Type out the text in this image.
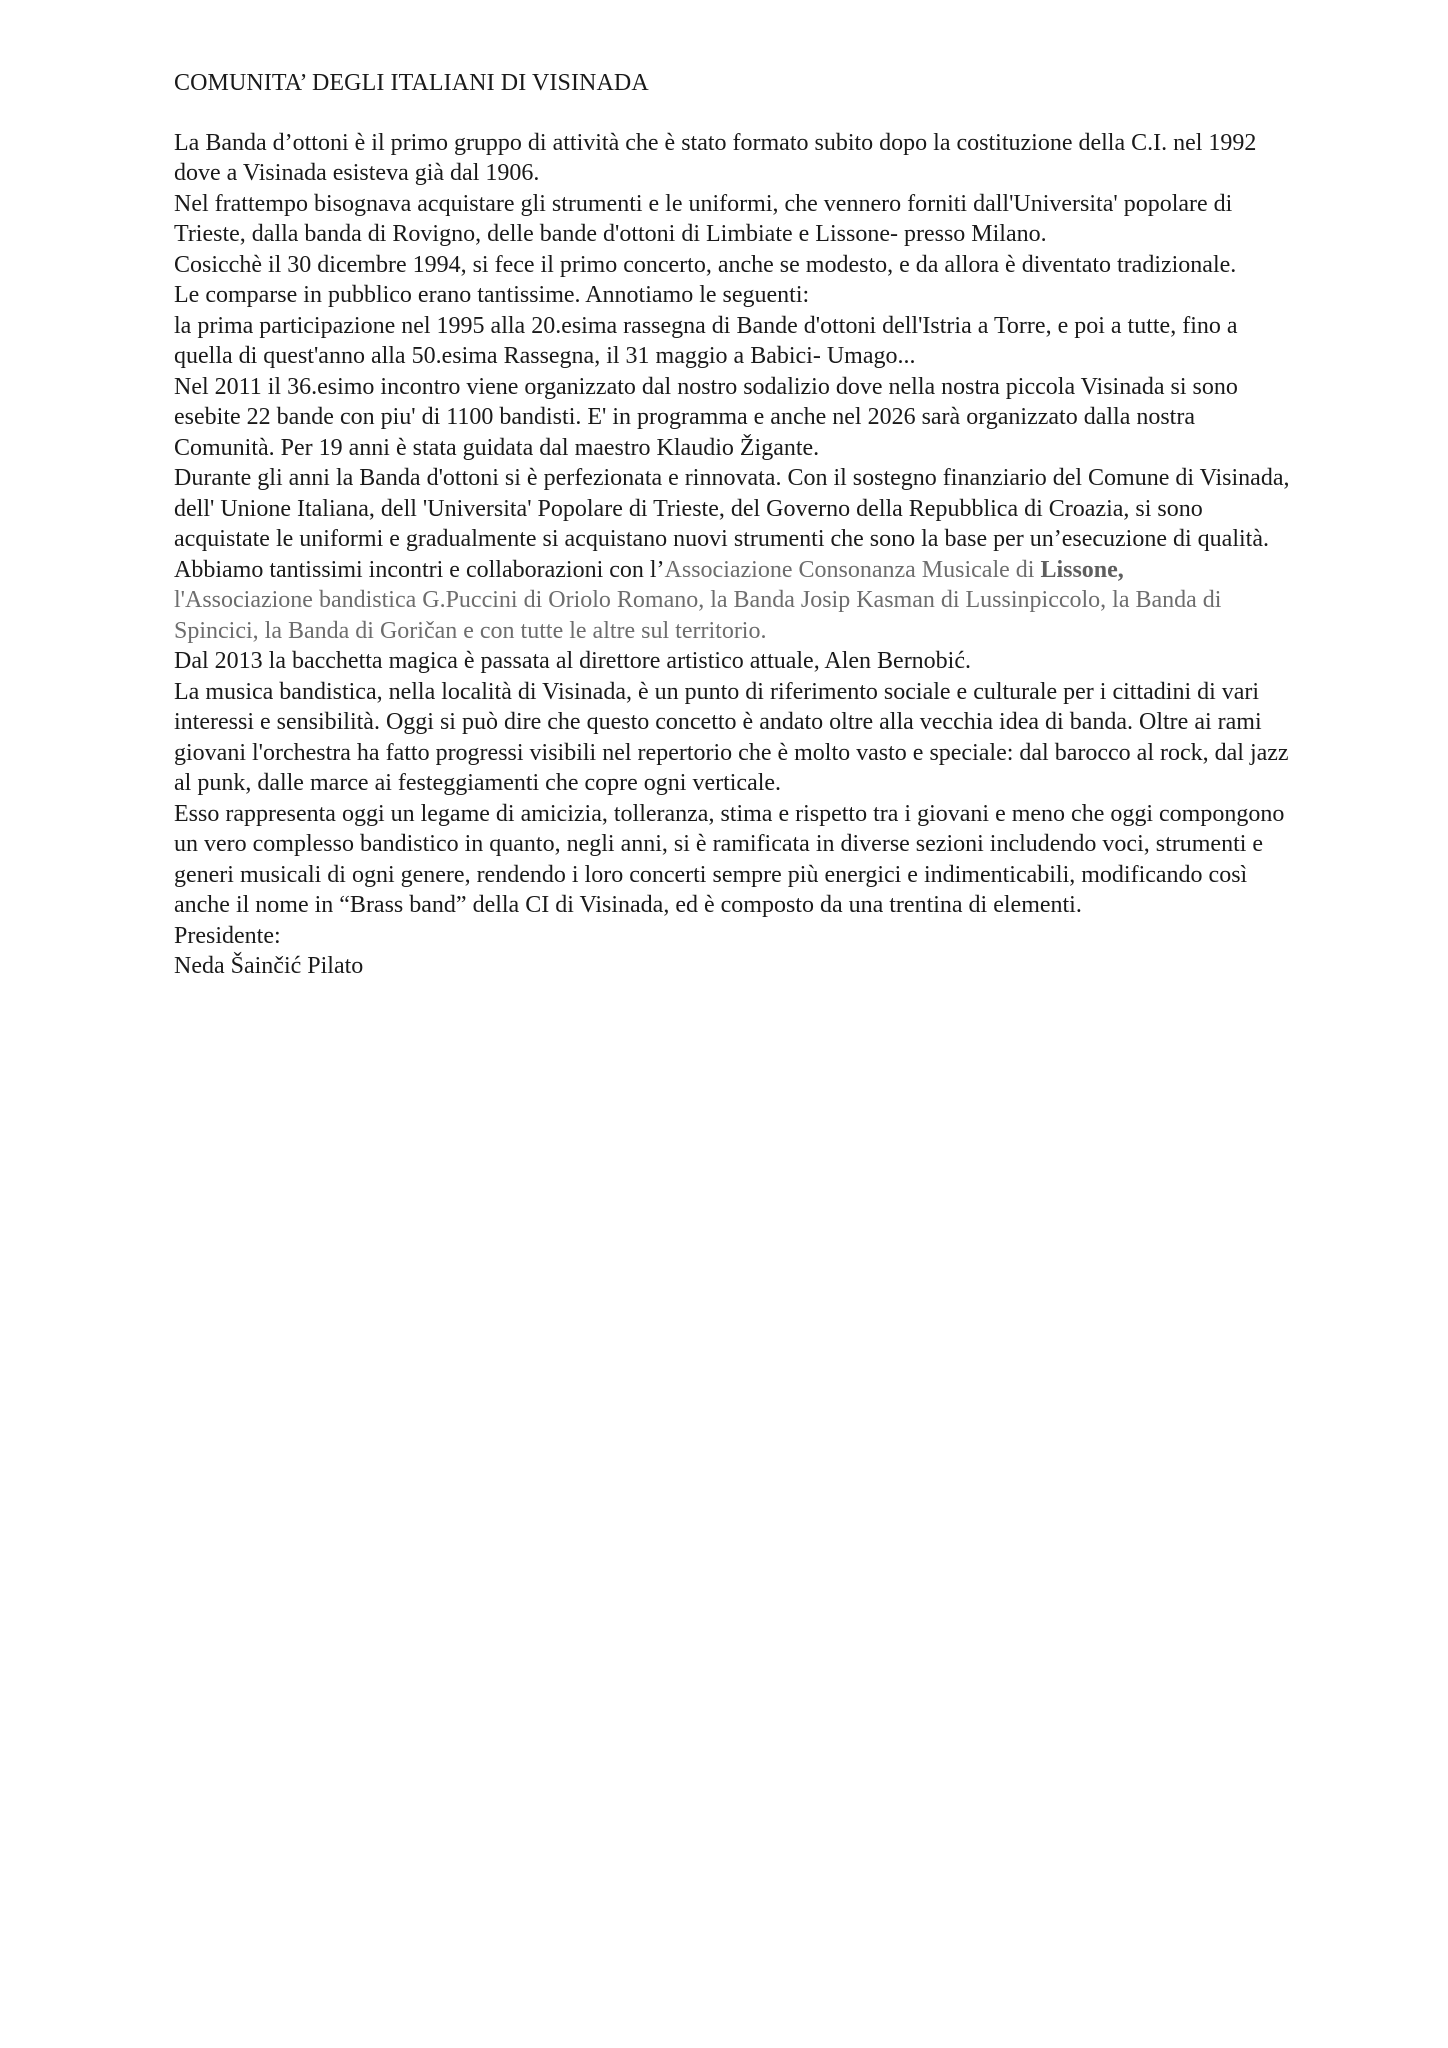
COMUNITA’ DEGLI ITALIANI DI VISINADA

La Banda d’ottoni è il primo gruppo di attività che è stato formato subito dopo la costituzione della C.I. nel 1992 dove a Visinada esisteva già dal 1906.

Nel frattempo bisognava acquistare gli strumenti e le uniformi, che vennero forniti dall'Universita' popolare di Trieste, dalla banda di Rovigno, delle bande d'ottoni di Limbiate e Lissone- presso Milano.

Cosicchè il 30 dicembre 1994, si fece il primo concerto, anche se modesto, e da allora è diventato tradizionale.

Le comparse in pubblico erano tantissime. Annotiamo le seguenti:

la prima participazione nel 1995 alla 20.esima rassegna di Bande d'ottoni dell'Istria a Torre, e poi a tutte, fino a quella di quest'anno alla 50.esima Rassegna, il 31 maggio a Babici- Umago...

Nel 2011 il 36.esimo incontro viene organizzato dal nostro sodalizio dove nella nostra piccola Visinada si sono esebite 22 bande con piu' di 1100 bandisti. E' in programma e anche nel 2026 sarà organizzato dalla nostra Comunità. Per 19 anni è stata guidata dal maestro Klaudio Žigante.

Durante gli anni la Banda d'ottoni si è perfezionata e rinnovata. Con il sostegno finanziario del Comune di Visinada, dell' Unione Italiana, dell 'Universita' Popolare di Trieste, del Governo della Repubblica di Croazia, si sono acquistate le uniformi e gradualmente si acquistano nuovi strumenti che sono la base per un’esecuzione di qualità.

Abbiamo tantissimi incontri e collaborazioni con l’Associazione Consonanza Musicale di Lissone,
l'Associazione bandistica G.Puccini di Oriolo Romano, la Banda Josip Kasman di Lussinpiccolo, la Banda di Spincici, la Banda di Goričan e con tutte le altre sul territorio.

Dal 2013 la bacchetta magica è passata al direttore artistico attuale, Alen Bernobić.

La musica bandistica, nella località di Visinada, è un punto di riferimento sociale e culturale per i cittadini di vari interessi e sensibilità. Oggi si può dire che questo concetto è andato oltre alla vecchia idea di banda. Oltre ai rami giovani l'orchestra ha fatto progressi visibili nel repertorio che è molto vasto e speciale: dal barocco al rock, dal jazz al punk, dalle marce ai festeggiamenti che copre ogni verticale.

Esso rappresenta oggi un legame di amicizia, tolleranza, stima e rispetto tra i giovani e meno che oggi compongono un vero complesso bandistico in quanto, negli anni, si è ramificata in diverse sezioni includendo voci, strumenti e generi musicali di ogni genere, rendendo i loro concerti sempre più energici e indimenticabili, modificando così anche il nome in “Brass band” della CI di Visinada, ed è composto da una trentina di elementi.

Presidente:

Neda Šainčić Pilato
